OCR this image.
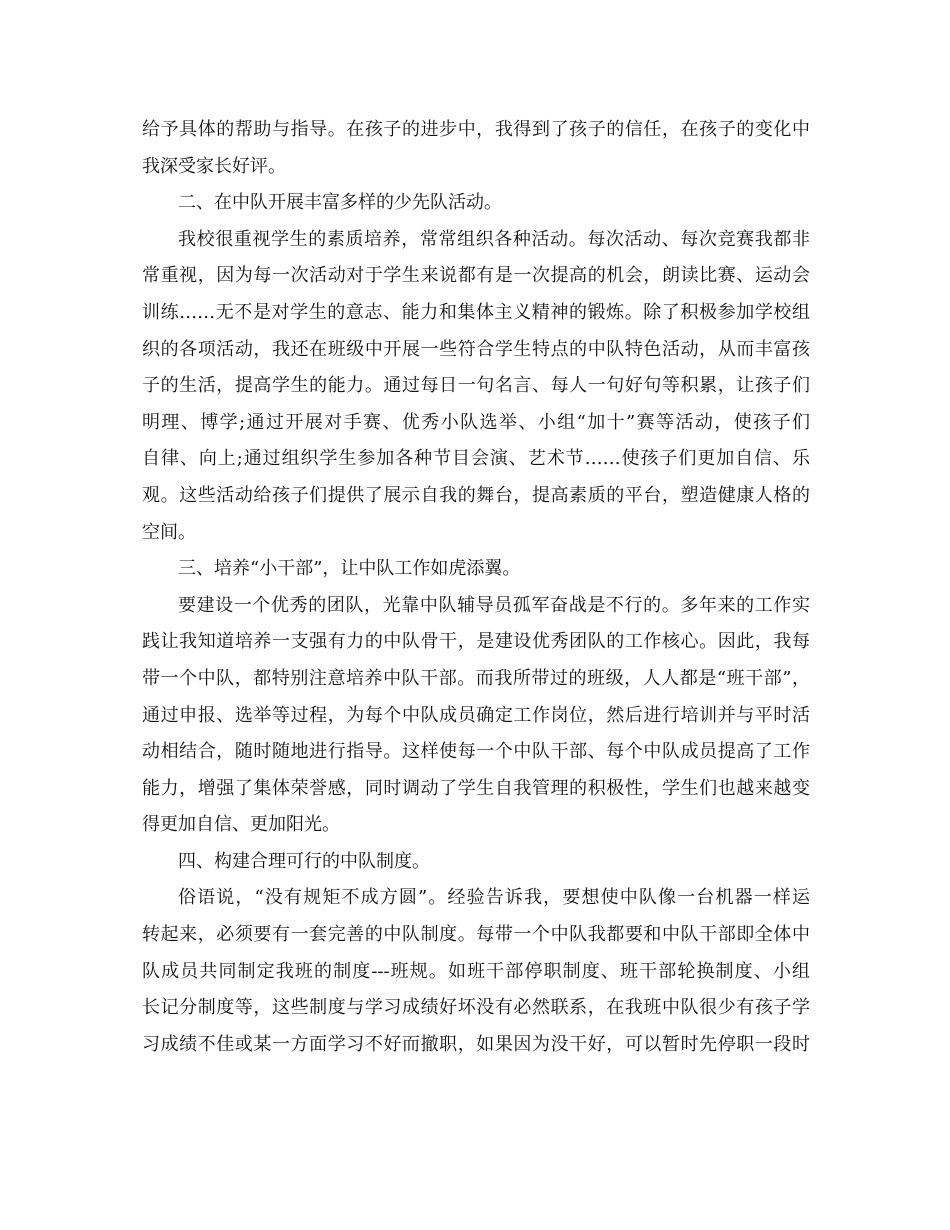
给予具体的帮助与指导。在孩子的进步中，我得到了孩子的信任，在孩子的变化中
我深受家长好评。
二、在中队开展丰富多样的少先队活动。
我校很重视学生的素质培养，常常组织各种活动。每次活动、每次竞赛我都非
常重视，因为每一次活动对于学生来说都有是一次提高的机会，朗读比赛、运动会
训练……无不是对学生的意志、能力和集体主义精神的锻炼。除了积极参加学校组
织的各项活动，我还在班级中开展一些符合学生特点的中队特色活动，从而丰富孩
子的生活，提高学生的能力。通过每日一句名言、每人一句好句等积累，让孩子们
明理、博学;通过开展对手赛、优秀小队选举、小组“加十”赛等活动，使孩子们
自律、向上;通过组织学生参加各种节目会演、艺术节……使孩子们更加自信、乐
观。这些活动给孩子们提供了展示自我的舞台，提高素质的平台，塑造健康人格的
空间。
三、培养“小干部”，让中队工作如虎添翼。
要建设一个优秀的团队，光靠中队辅导员孤军奋战是不行的。多年来的工作实
践让我知道培养一支强有力的中队骨干，是建设优秀团队的工作核心。因此，我每
带一个中队，都特别注意培养中队干部。而我所带过的班级，人人都是“班干部”，
通过申报、选举等过程，为每个中队成员确定工作岗位，然后进行培训并与平时活
动相结合，随时随地进行指导。这样使每一个中队干部、每个中队成员提高了工作
能力，增强了集体荣誉感，同时调动了学生自我管理的积极性，学生们也越来越变
得更加自信、更加阳光。
四、构建合理可行的中队制度。
俗语说，“没有规矩不成方圆”。经验告诉我，要想使中队像一台机器一样运
转起来，必须要有一套完善的中队制度。每带一个中队我都要和中队干部即全体中
队成员共同制定我班的制度---班规。如班干部停职制度、班干部轮换制度、小组
长记分制度等，这些制度与学习成绩好坏没有必然联系，在我班中队很少有孩子学
习成绩不佳或某一方面学习不好而撤职，如果因为没干好，可以暂时先停职一段时
